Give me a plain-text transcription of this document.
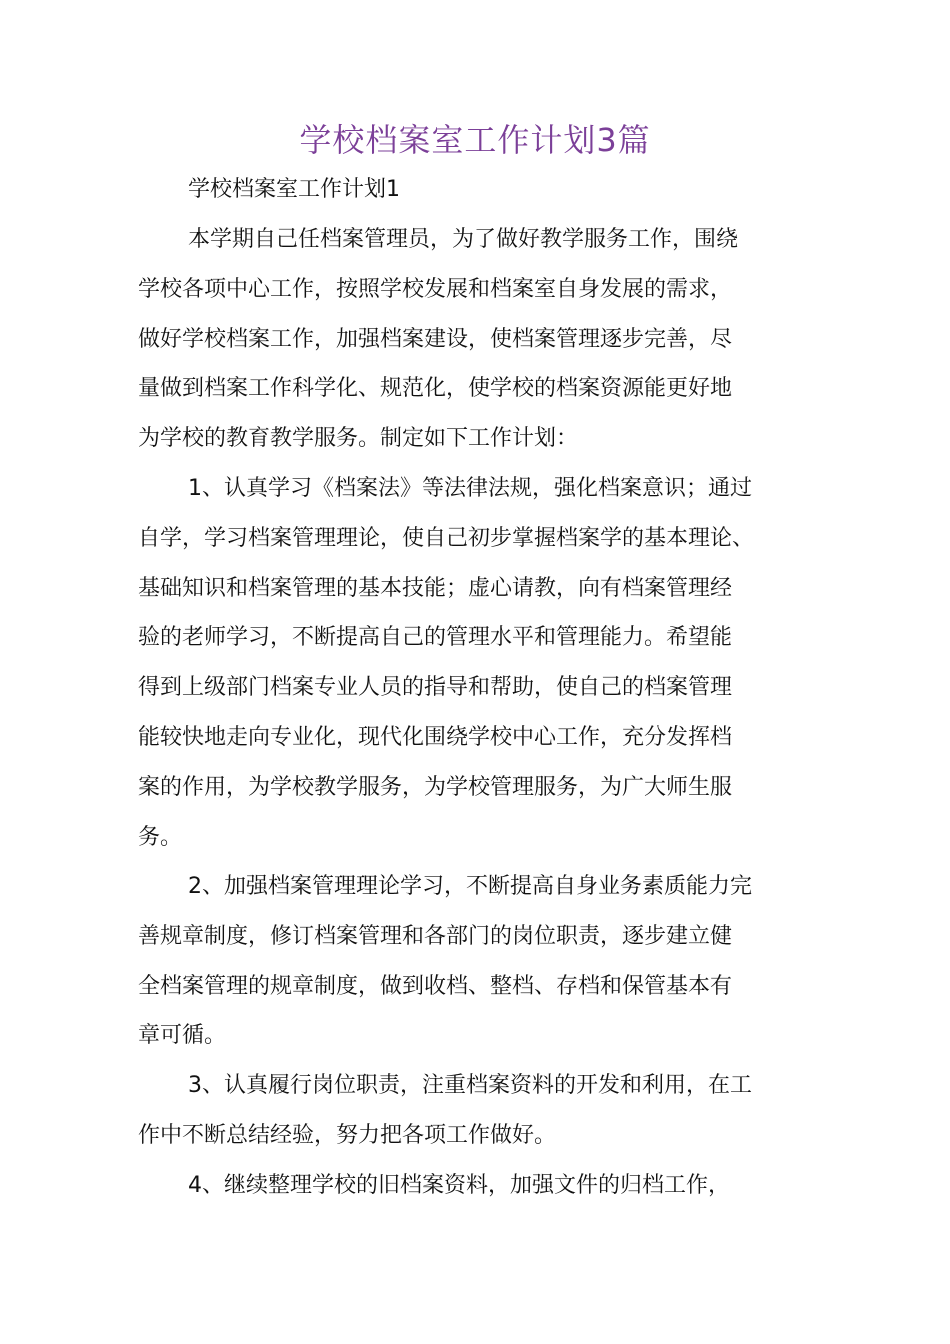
学校档案室工作计划3篇
学校档案室工作计划1

本学期自己任档案管理员，为了做好教学服务工作，围绕
学校各项中心工作，按照学校发展和档案室自身发展的需求，
做好学校档案工作，加强档案建设，使档案管理逐步完善，尽
量做到档案工作科学化、规范化，使学校的档案资源能更好地
为学校的教育教学服务。制定如下工作计划：

1、认真学习《档案法》等法律法规，强化档案意识；通过
自学，学习档案管理理论，使自己初步掌握档案学的基本理论、
基础知识和档案管理的基本技能；虚心请教，向有档案管理经
验的老师学习，不断提高自己的管理水平和管理能力。希望能
得到上级部门档案专业人员的指导和帮助，使自己的档案管理
能较快地走向专业化，现代化围绕学校中心工作，充分发挥档
案的作用，为学校教学服务，为学校管理服务，为广大师生服
务。

2、加强档案管理理论学习，不断提高自身业务素质能力完
善规章制度，修订档案管理和各部门的岗位职责，逐步建立健
全档案管理的规章制度，做到收档、整档、存档和保管基本有
章可循。

3、认真履行岗位职责，注重档案资料的开发和利用，在工
作中不断总结经验，努力把各项工作做好。

4、继续整理学校的旧档案资料，加强文件的归档工作，
